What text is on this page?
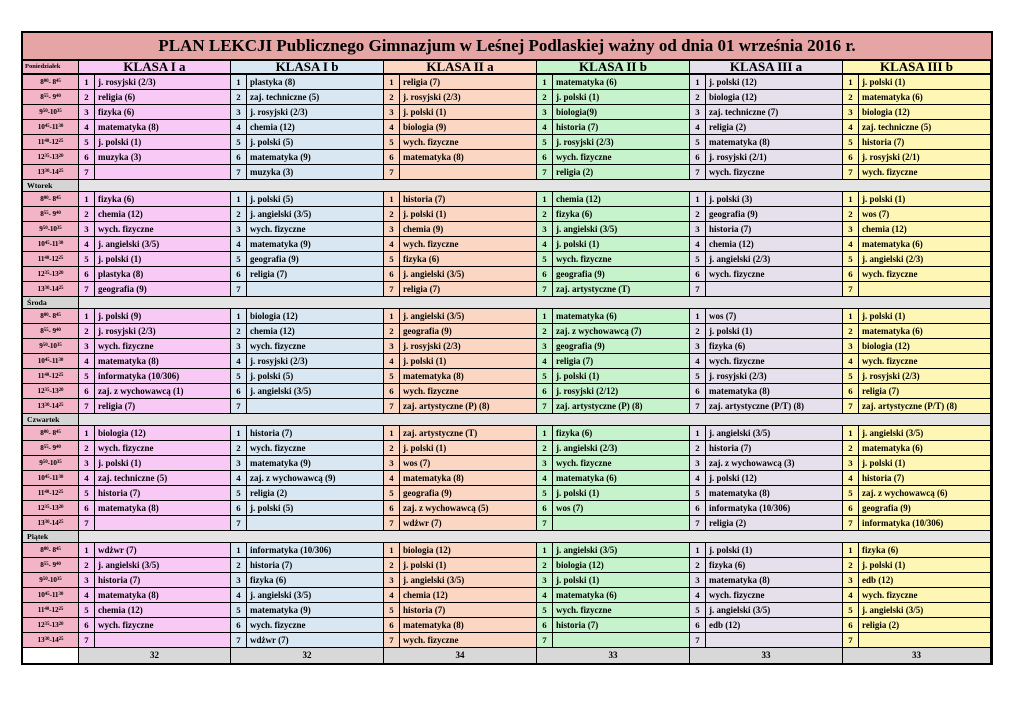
PLAN LEKCJI Publicznego Gimnazjum w Leśnej Podlaskiej ważny od dnia 01 września 2016 r.
Poniedziałek	KLASA I a	KLASA I b	KLASA II a	KLASA II b	KLASA III a	KLASA III b
8 00 - 8 45	1	j. rosyjski (2/3)	1	plastyka (8)	1	religia (7)	1	matematyka (6)	1	j. polski (12)	1	j. polski (1)
8 55 - 9 40	2	religia (6)	2	zaj. techniczne (5)	2	j. rosyjski (2/3)	2	j. polski (1)	2	biologia (12)	2	matematyka (6)
9 50 -10 35	3	fizyka (6)	3	j. rosyjski (2/3)	3	j. polski (1)	3	biologia(9)	3	zaj. techniczne (7)	3	biologia (12)
10 45 -11 30	4	matematyka (8)	4	chemia (12)	4	biologia (9)	4	historia (7)	4	religia (2)	4	zaj. techniczne (5)
11 40 -12 25	5	j. polski (1)	5	j. polski (5)	5	wych. fizyczne	5	j. rosyjski (2/3)	5	matematyka (8)	5	historia (7)
12 35 -13 20	6	muzyka (3)	6	matematyka (9)	6	matematyka (8)	6	wych. fizyczne	6	j. rosyjski (2/1)	6	j. rosyjski (2/1)
13 30 -14 25	7	7	muzyka (3)	7	7	religia (2)	7	wych. fizyczne	7	wych. fizyczne
Wtorek
8 00 - 8 45	1	fizyka (6)	1	j. polski (5)	1	historia (7)	1	chemia (12)	1	j. polski (3)	1	j. polski (1)
8 55 - 9 40	2	chemia (12)	2	j. angielski (3/5)	2	j. polski (1)	2	fizyka (6)	2	geografia (9)	2	wos (7)
9 50 -10 35	3	wych. fizyczne	3	wych. fizyczne	3	chemia (9)	3	j. angielski (3/5)	3	historia (7)	3	chemia (12)
10 45 -11 30	4	j. angielski (3/5)	4	matematyka (9)	4	wych. fizyczne	4	j. polski (1)	4	chemia (12)	4	matematyka (6)
11 40 -12 25	5	j. polski (1)	5	geografia (9)	5	fizyka (6)	5	wych. fizyczne	5	j. angielski (2/3)	5	j. angielski (2/3)
12 35 -13 20	6	plastyka (8)	6	religia (7)	6	j. angielski (3/5)	6	geografia (9)	6	wych. fizyczne	6	wych. fizyczne
13 30 -14 25	7	geografia (9)	7	7	religia (7)	7	zaj. artystyczne (T)	7	7
Środa
8 00 - 8 45	1	j. polski (9)	1	biologia (12)	1	j. angielski (3/5)	1	matematyka (6)	1	wos (7)	1	j. polski (1)
8 55 - 9 40	2	j. rosyjski (2/3)	2	chemia (12)	2	geografia (9)	2	zaj. z wychowawcą (7)	2	j. polski (1)	2	matematyka (6)
9 50 -10 35	3	wych. fizyczne	3	wych. fizyczne	3	j. rosyjski (2/3)	3	geografia (9)	3	fizyka (6)	3	biologia (12)
10 45 -11 30	4	matematyka (8)	4	j. rosyjski (2/3)	4	j. polski (1)	4	religia (7)	4	wych. fizyczne	4	wych. fizyczne
11 40 -12 25	5	informatyka (10/306)	5	j. polski (5)	5	matematyka (8)	5	j. polski (1)	5	j. rosyjski (2/3)	5	j. rosyjski (2/3)
12 35 -13 20	6	zaj. z wychowawcą (1)	6	j. angielski (3/5)	6	wych. fizyczne	6	j. rosyjski (2/12)	6	matematyka (8)	6	religia (7)
13 30 -14 25	7	religia (7)	7	7	zaj. artystyczne (P) (8)	7	zaj. artystyczne (P) (8)	7	zaj. artystyczne (P/T) (8)	7	zaj. artystyczne (P/T) (8)
Czwartek
8 00 - 8 45	1	biologia (12)	1	historia (7)	1	zaj. artystyczne (T)	1	fizyka (6)	1	j. angielski (3/5)	1	j. angielski (3/5)
8 55 - 9 40	2	wych. fizyczne	2	wych. fizyczne	2	j. polski (1)	2	j. angielski (2/3)	2	historia (7)	2	matematyka (6)
9 50 -10 35	3	j. polski (1)	3	matematyka (9)	3	wos (7)	3	wych. fizyczne	3	zaj. z wychowawcą (3)	3	j. polski (1)
10 45 -11 30	4	zaj. techniczne (5)	4	zaj. z wychowawcą (9)	4	matematyka (8)	4	matematyka (6)	4	j. polski (12)	4	historia (7)
11 40 -12 25	5	historia (7)	5	religia (2)	5	geografia (9)	5	j. polski (1)	5	matematyka (8)	5	zaj. z wychowawcą (6)
12 35 -13 20	6	matematyka (8)	6	j. polski (5)	6	zaj. z wychowawcą (5)	6	wos (7)	6	informatyka (10/306)	6	geografia (9)
13 30 -14 25	7	7	7	wdżwr (7)	7	7	religia (2)	7	informatyka (10/306)
Piątek
8 00 - 8 45	1	wdżwr (7)	1	informatyka (10/306)	1	biologia (12)	1	j. angielski (3/5)	1	j. polski (1)	1	fizyka (6)
8 55 - 9 40	2	j. angielski (3/5)	2	historia (7)	2	j. polski (1)	2	biologia (12)	2	fizyka (6)	2	j. polski (1)
9 50 -10 35	3	historia (7)	3	fizyka (6)	3	j. angielski (3/5)	3	j. polski (1)	3	matematyka (8)	3	edb (12)
10 45 -11 30	4	matematyka (8)	4	j. angielski (3/5)	4	chemia (12)	4	matematyka (6)	4	wych. fizyczne	4	wych. fizyczne
11 40 -12 25	5	chemia (12)	5	matematyka (9)	5	historia (7)	5	wych. fizyczne	5	j. angielski (3/5)	5	j. angielski (3/5)
12 35 -13 20	6	wych. fizyczne	6	wych. fizyczne	6	matematyka (8)	6	historia (7)	6	edb (12)	6	religia (2)
13 30 -14 25	7	7	wdżwr (7)	7	wych. fizyczne	7	7	7
32	32	34	33	33	33
